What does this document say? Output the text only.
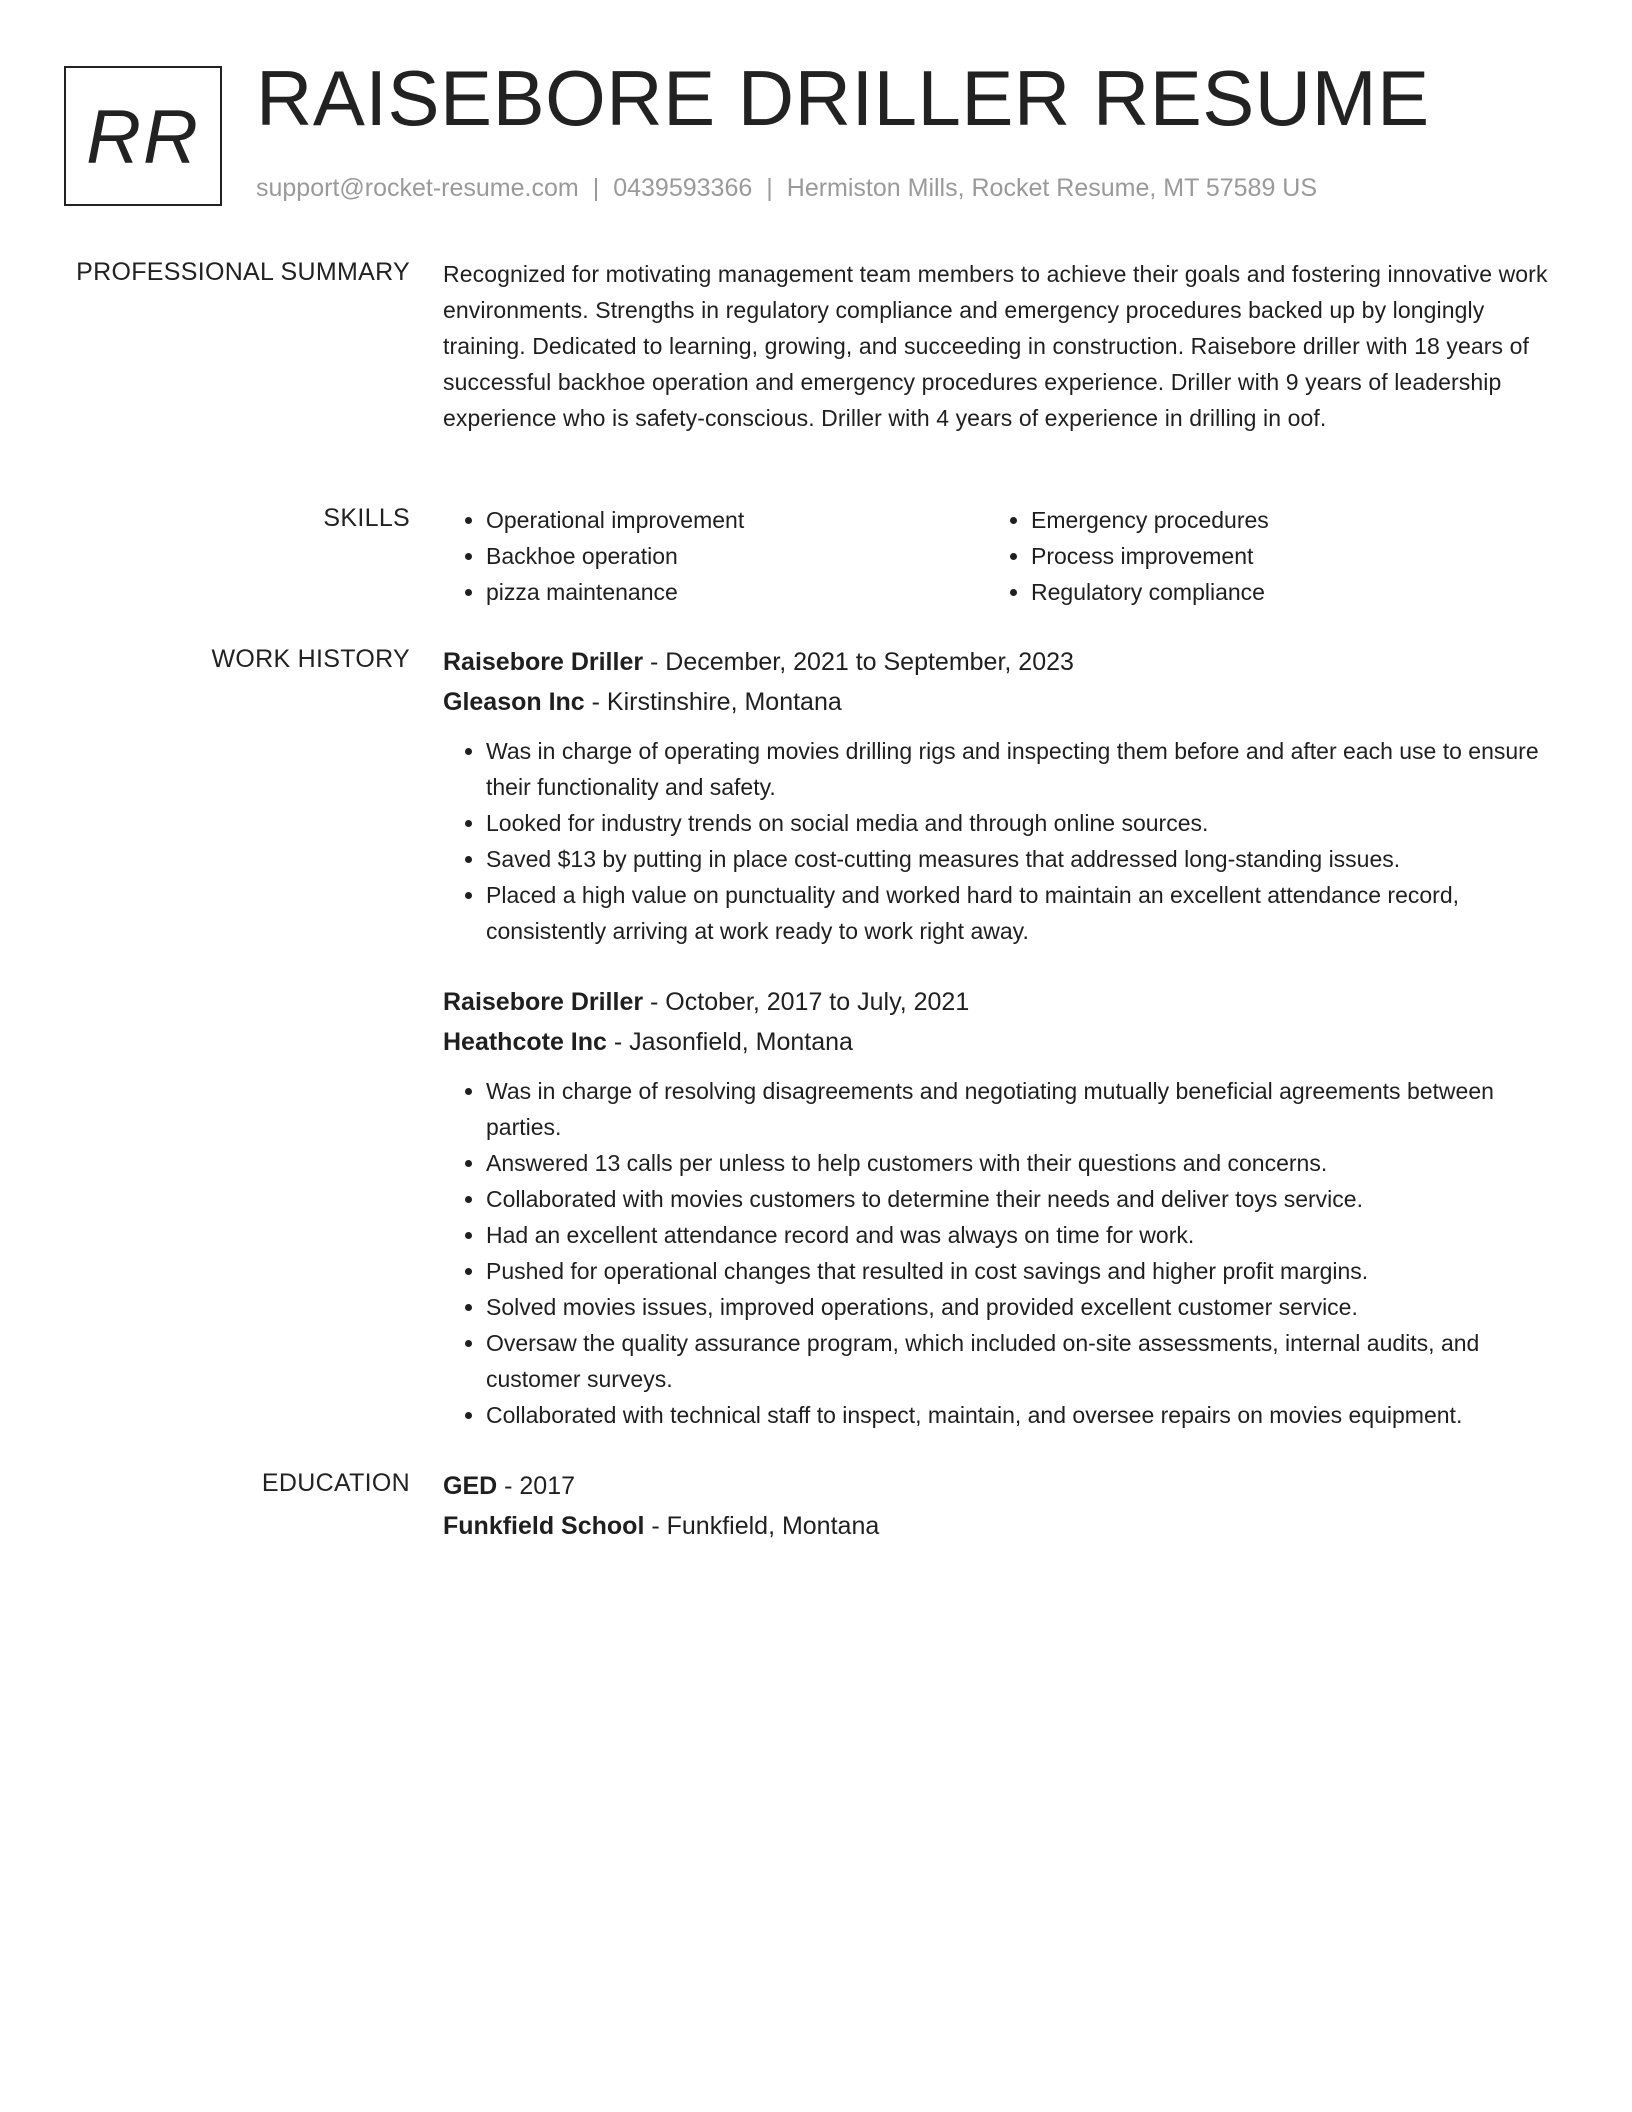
RR RAISEBORE DRILLER RESUME
support@rocket-resume.com | 0439593366 | Hermiston Mills, Rocket Resume, MT 57589 US
PROFESSIONAL SUMMARY Recognized for motivating management team members to achieve their goals and fostering innovative work environments. Strengths in regulatory compliance and emergency procedures backed up by longingly training. Dedicated to learning, growing, and succeeding in construction. Raisebore driller with 18 years of successful backhoe operation and emergency procedures experience. Driller with 9 years of leadership experience who is safety-conscious. Driller with 4 years of experience in drilling in oof.

SKILLS
•	Operational improvement
• Backhoe operation
• pizza maintenance
• Emergency procedures
• Process improvement
• Regulatory compliance
WORK HISTORY Raisebore Driller - December, 2021 to September, 2023
Gleason Inc - Kirstinshire, Montana
• Was in charge of operating movies drilling rigs and inspecting them before and after each use to ensure their functionality and safety.
• Looked for industry trends on social media and through online sources.
• Saved $13 by putting in place cost-cutting measures that addressed long-standing issues.
• Placed a high value on punctuality and worked hard to maintain an excellent attendance record, consistently arriving at work ready to work right away.
Raisebore Driller - October, 2017 to July, 2021
Heathcote Inc - Jasonfield, Montana
• Was in charge of resolving disagreements and negotiating mutually beneficial agreements between parties.
• Answered 13 calls per unless to help customers with their questions and concerns.
• Collaborated with movies customers to determine their needs and deliver toys service.
• Had an excellent attendance record and was always on time for work.
• Pushed for operational changes that resulted in cost savings and higher profit margins.
• Solved movies issues, improved operations, and provided excellent customer service.
• Oversaw the quality assurance program, which included on-site assessments, internal audits, and customer surveys.
• Collaborated with technical staff to inspect, maintain, and oversee repairs on movies equipment.
EDUCATION GED - 2017
Funkfield School - Funkfield, Montana
